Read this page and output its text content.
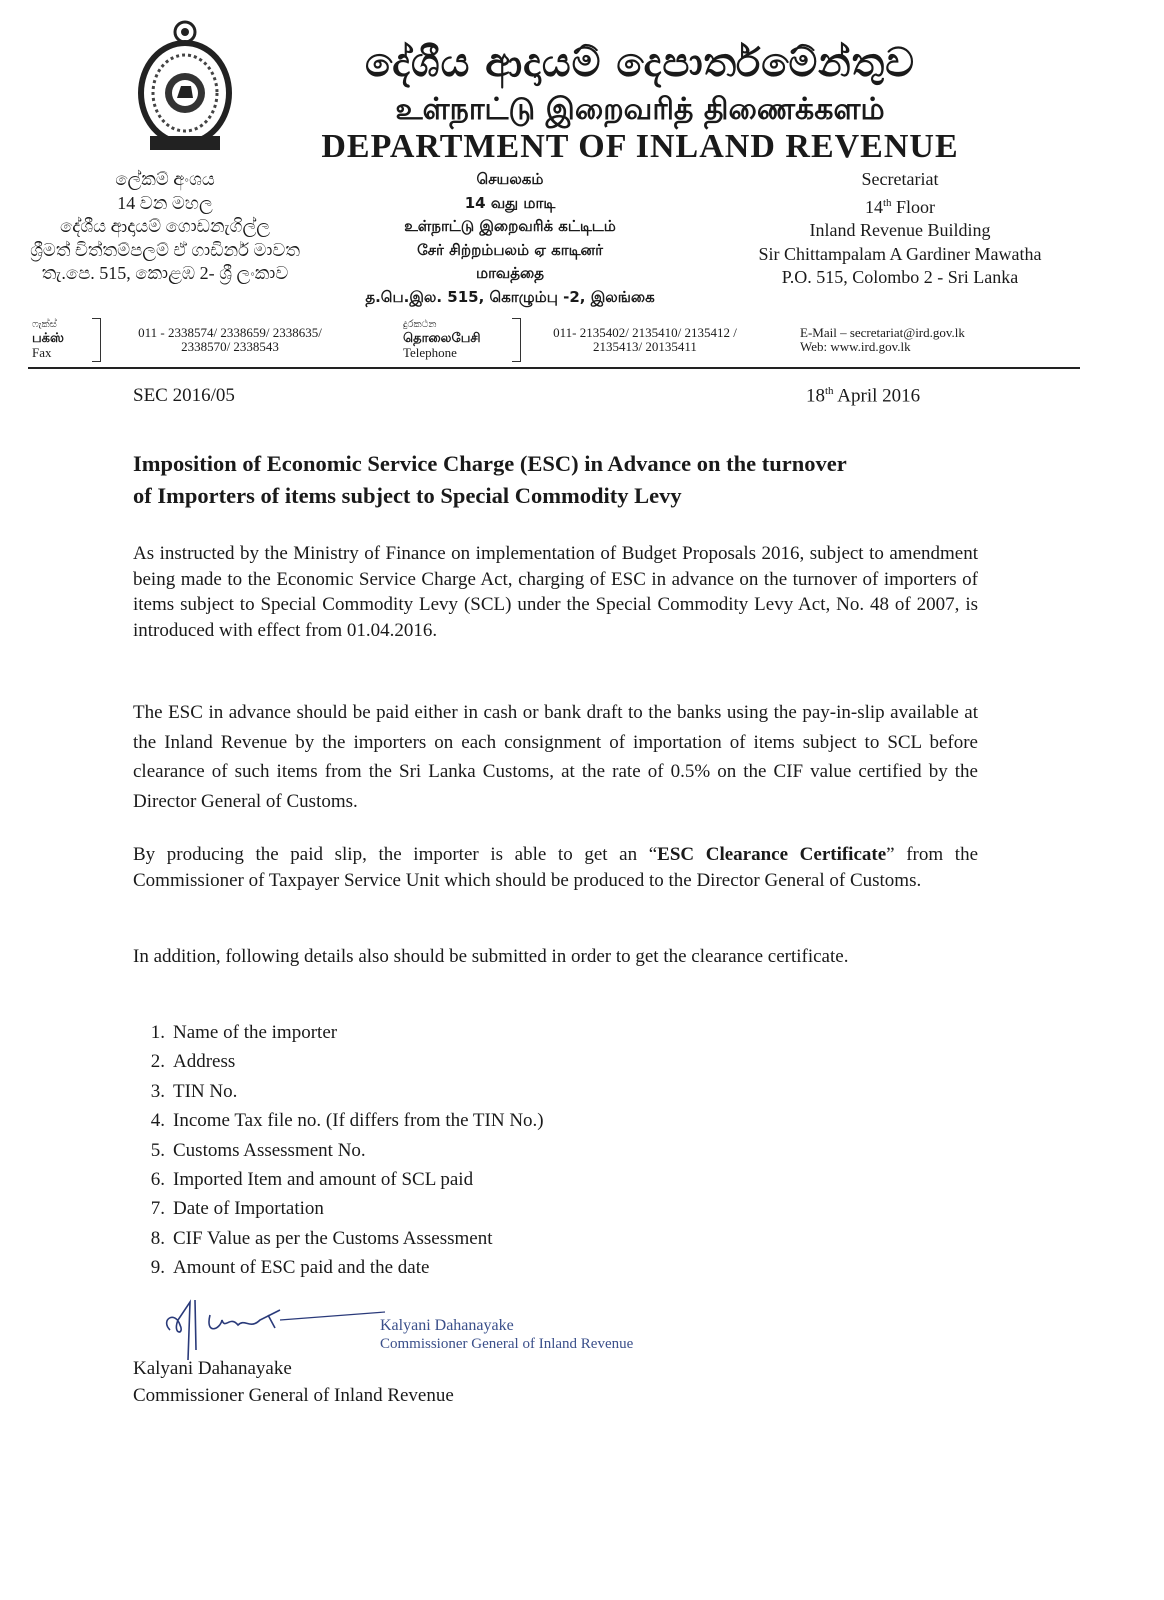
දේශීය ආදායම් දෙපාර්තමේන්තුව
உள்நாட்டு இறைவரித் திணைக்களம்
DEPARTMENT OF INLAND REVENUE
ලේකම් අංශය
14 වන මහල
දේශීය ආදායම් ගොඩනැගිල්ල
ශ්‍රීමත් චිත්තම්පලම් ඒ ගාඩිනර් මාවත
තැ.පෙ. 515, කොළඹ 2- ශ්‍රී ලංකාව
செயலகம்
14 வது மாடி
உள்நாட்டு இறைவரிக் கட்டிடம்
சேர் சிற்றம்பலம் ஏ காடினர்
மாவத்தை
த.பெ.இல. 515, கொழும்பு -2, இலங்கை
Secretariat
14th Floor
Inland Revenue Building
Sir Chittampalam A Gardiner Mawatha
P.O. 515, Colombo 2 - Sri Lanka
ෆැක්ස්
பக்ஸ்
Fax
011 - 2338574/ 2338659/ 2338635/
2338570/ 2338543
දුරකථන
தொலைபேசி
Telephone
011- 2135402/ 2135410/ 2135412 /
2135413/ 20135411
E-Mail – secretariat@ird.gov.lk
Web: www.ird.gov.lk
SEC 2016/05	18th April 2016
Imposition of Economic Service Charge (ESC) in Advance on the turnover
of Importers of items subject to Special Commodity Levy
As instructed by the Ministry of Finance on implementation of Budget Proposals 2016, subject to amendment being made to the Economic Service Charge Act, charging of ESC in advance on the turnover of importers of items subject to Special Commodity Levy (SCL) under the Special Commodity Levy Act, No. 48 of 2007, is introduced with effect from 01.04.2016.
The ESC in advance should be paid either in cash or bank draft to the banks using the pay-in-slip available at the Inland Revenue by the importers on each consignment of importation of items subject to SCL before clearance of such items from the Sri Lanka Customs, at the rate of 0.5% on the CIF value certified by the Director General of Customs.
By producing the paid slip, the importer is able to get an “ESC Clearance Certificate” from the Commissioner of Taxpayer Service Unit which should be produced to the Director General of Customs.
In addition, following details also should be submitted in order to get the clearance certificate.
1. Name of the importer
2. Address
3. TIN No.
4. Income Tax file no. (If differs from the TIN No.)
5. Customs Assessment No.
6. Imported Item and amount of SCL paid
7. Date of Importation
8. CIF Value as per the Customs Assessment
9. Amount of ESC paid and the date
Kalyani Dahanayake
Commissioner General of Inland Revenue
Kalyani Dahanayake
Commissioner General of Inland Revenue
